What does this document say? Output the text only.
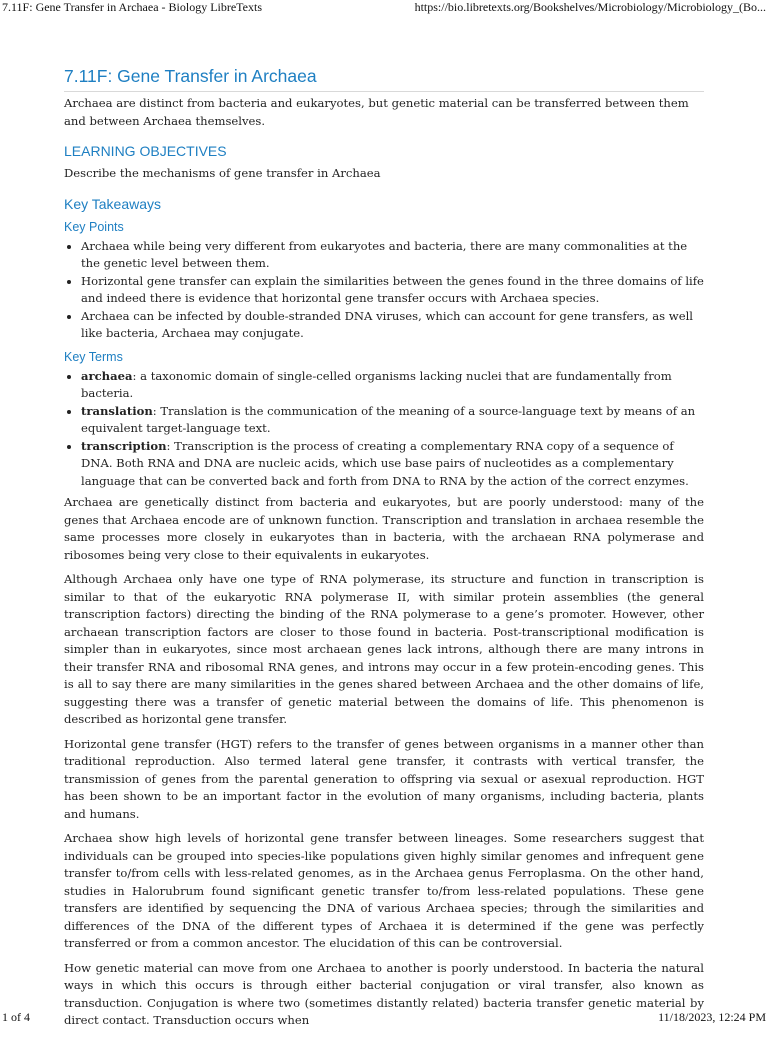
7.11F: Gene Transfer in Archaea - Biology LibreTexts	https://bio.libretexts.org/Bookshelves/Microbiology/Microbiology_(Bo...
7.11F: Gene Transfer in Archaea

Archaea are distinct from bacteria and eukaryotes, but genetic material can be transferred between them and between Archaea themselves.

LEARNING OBJECTIVES

Describe the mechanisms of gene transfer in Archaea

Key Takeaways
Key Points
• Archaea while being very different from eukaryotes and bacteria, there are many commonalities at the the genetic level between them.
• Horizontal gene transfer can explain the similarities between the genes found in the three domains of life and indeed there is evidence that horizontal gene transfer occurs with Archaea species.
• Archaea can be infected by double-stranded DNA viruses, which can account for gene transfers, as well like bacteria, Archaea may conjugate.
Key Terms
• archaea: a taxonomic domain of single-celled organisms lacking nuclei that are fundamentally from bacteria.
• translation: Translation is the communication of the meaning of a source-language text by means of an equivalent target-language text.
• transcription: Transcription is the process of creating a complementary RNA copy of a sequence of DNA. Both RNA and DNA are nucleic acids, which use base pairs of nucleotides as a complementary language that can be converted back and forth from DNA to RNA by the action of the correct enzymes.

Archaea are genetically distinct from bacteria and eukaryotes, but are poorly understood: many of the genes that Archaea encode are of unknown function. Transcription and translation in archaea resemble the same processes more closely in eukaryotes than in bacteria, with the archaean RNA polymerase and ribosomes being very close to their equivalents in eukaryotes.

Although Archaea only have one type of RNA polymerase, its structure and function in transcription is similar to that of the eukaryotic RNA polymerase II, with similar protein assemblies (the general transcription factors) directing the binding of the RNA polymerase to a gene’s promoter. However, other archaean transcription factors are closer to those found in bacteria. Post-transcriptional modification is simpler than in eukaryotes, since most archaean genes lack introns, although there are many introns in their transfer RNA and ribosomal RNA genes, and introns may occur in a few protein-encoding genes. This is all to say there are many similarities in the genes shared between Archaea and the other domains of life, suggesting there was a transfer of genetic material between the domains of life. This phenomenon is described as horizontal gene transfer.

Horizontal gene transfer (HGT) refers to the transfer of genes between organisms in a manner other than traditional reproduction. Also termed lateral gene transfer, it contrasts with vertical transfer, the transmission of genes from the parental generation to offspring via sexual or asexual reproduction. HGT has been shown to be an important factor in the evolution of many organisms, including bacteria, plants and humans.

Archaea show high levels of horizontal gene transfer between lineages. Some researchers suggest that individuals can be grouped into species-like populations given highly similar genomes and infrequent gene transfer to/from cells with less-related genomes, as in the Archaea genus Ferroplasma. On the other hand, studies in Halorubrum found significant genetic transfer to/from less-related populations. These gene transfers are identified by sequencing the DNA of various Archaea species; through the similarities and differences of the DNA of the different types of Archaea it is determined if the gene was perfectly transferred or from a common ancestor. The elucidation of this can be controversial.

How genetic material can move from one Archaea to another is poorly understood. In bacteria the natural ways in which this occurs is through either bacterial conjugation or viral transfer, also known as transduction. Conjugation is where two (sometimes distantly related) bacteria transfer genetic material by direct contact. Transduction occurs when

1 of 4	11/18/2023, 12:24 PM
